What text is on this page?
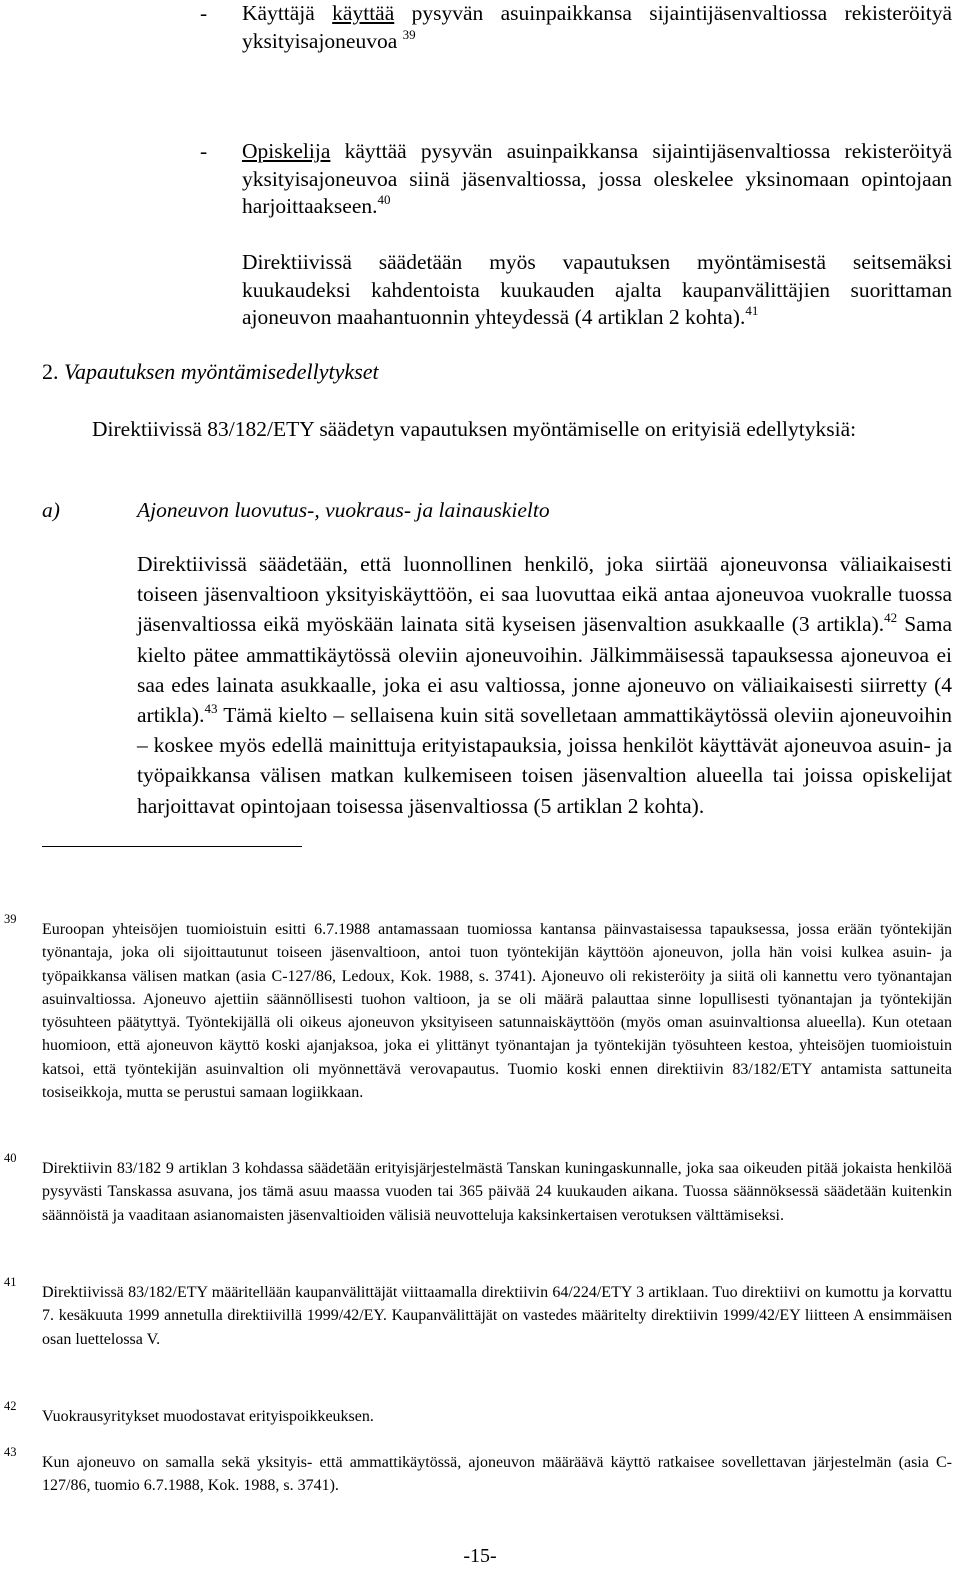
- Käyttäjä käyttää pysyvän asuinpaikkansa sijaintijäsenvaltiossa rekisteröityä yksityisajoneuvoa $^{39}$
- Opiskelija käyttää pysyvän asuinpaikkansa sijaintijäsenvaltiossa rekisteröityä yksityisajoneuvoa siinä jäsenvaltiossa, jossa oleskelee yksinomaan opintojaan harjoittaakseen.$^{40}$
Direktiivissä säädetään myös vapautuksen myöntämisestä seitsemäksi kuukaudeksi kahdentoista kuukauden ajalta kaupanvälittäjien suorittaman ajoneuvon maahantuonnin yhteydessä (4 artiklan 2 kohta).$^{41}$
2. Vapautuksen myöntämisedellytykset
Direktiivissä 83/182/ETY säädetyn vapautuksen myöntämiselle on erityisiä edellytyksiä:
a)	Ajoneuvon luovutus-, vuokraus- ja lainauskielto
Direktiivissä säädetään, että luonnollinen henkilö, joka siirtää ajoneuvonsa väliaikaisesti toiseen jäsenvaltioon yksityiskäyttöön, ei saa luovuttaa eikä antaa ajoneuvoa vuokralle tuossa jäsenvaltiossa eikä myöskään lainata sitä kyseisen jäsenvaltion asukkaalle (3 artikla).$^{42}$ Sama kielto pätee ammattikäytössä oleviin ajoneuvoihin. Jälkimmäisessä tapauksessa ajoneuvoa ei saa edes lainata asukkaalle, joka ei asu valtiossa, jonne ajoneuvo on väliaikaisesti siirretty (4 artikla).$^{43}$ Tämä kielto – sellaisena kuin sitä sovelletaan ammattikäytössä oleviin ajoneuvoihin – koskee myös edellä mainittuja erityistapauksia, joissa henkilöt käyttävät ajoneuvoa asuin- ja työpaikkansa välisen matkan kulkemiseen toisen jäsenvaltion alueella tai joissa opiskelijat harjoittavat opintojaan toisessa jäsenvaltiossa (5 artiklan 2 kohta).
39
Euroopan yhteisöjen tuomioistuin esitti 6.7.1988 antamassaan tuomiossa kantansa päinvastaisessa tapauksessa, jossa erään työntekijän työnantaja, joka oli sijoittautunut toiseen jäsenvaltioon, antoi tuon työntekijän käyttöön ajoneuvon, jolla hän voisi kulkea asuin- ja työpaikkansa välisen matkan (asia C-127/86, Ledoux, Kok. 1988, s. 3741). Ajoneuvo oli rekisteröity ja siitä oli kannettu vero työnantajan asuinvaltiossa. Ajoneuvo ajettiin säännöllisesti tuohon valtioon, ja se oli määrä palauttaa sinne lopullisesti työnantajan ja työntekijän työsuhteen päätyttyä. Työntekijällä oli oikeus ajoneuvon yksityiseen satunnaiskäyttöön (myös oman asuinvaltionsa alueella). Kun otetaan huomioon, että ajoneuvon käyttö koski ajanjaksoa, joka ei ylittänyt työnantajan ja työntekijän työsuhteen kestoa, yhteisöjen tuomioistuin katsoi, että työntekijän asuinvaltion oli myönnettävä verovapautus. Tuomio koski ennen direktiivin 83/182/ETY antamista sattuneita tosiseikkoja, mutta se perustui samaan logiikkaan.
40
Direktiivin 83/182 9 artiklan 3 kohdassa säädetään erityisjärjestelmästä Tanskan kuningaskunnalle, joka saa oikeuden pitää jokaista henkilöä pysyvästi Tanskassa asuvana, jos tämä asuu maassa vuoden tai 365 päivää 24 kuukauden aikana. Tuossa säännöksessä säädetään kuitenkin säännöistä ja vaaditaan asianomaisten jäsenvaltioiden välisiä neuvotteluja kaksinkertaisen verotuksen välttämiseksi.
41
Direktiivissä 83/182/ETY määritellään kaupanvälittäjät viittaamalla direktiivin 64/224/ETY 3 artiklaan. Tuo direktiivi on kumottu ja korvattu 7. kesäkuuta 1999 annetulla direktiivillä 1999/42/EY. Kaupanvälittäjät on vastedes määritelty direktiivin 1999/42/EY liitteen A ensimmäisen osan luettelossa V.
42
Vuokrausyritykset muodostavat erityispoikkeuksen.
43
Kun ajoneuvo on samalla sekä yksityis- että ammattikäytössä, ajoneuvon määräävä käyttö ratkaisee sovellettavan järjestelmän (asia C-127/86, tuomio 6.7.1988, Kok. 1988, s. 3741).
-15-
